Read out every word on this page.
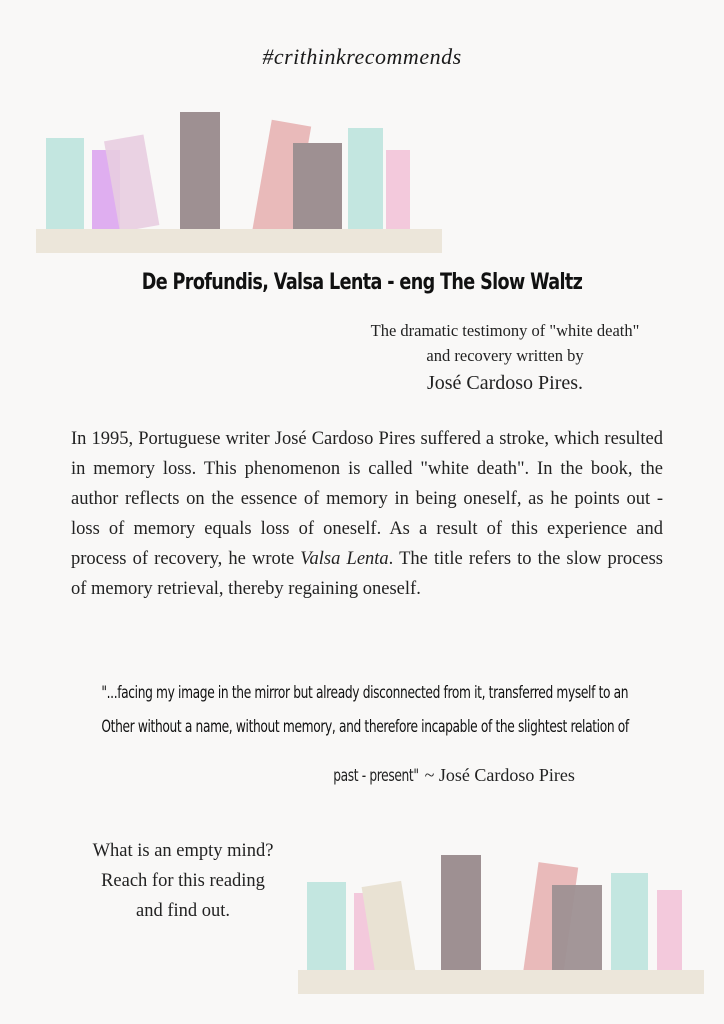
#crithinkrecommends
De Profundis, Valsa Lenta - eng The Slow Waltz
The dramatic testimony of "white death"
and recovery written by
José Cardoso Pires.
In 1995, Portuguese writer José Cardoso Pires suffered a stroke, which resulted in memory loss. This phenomenon is called "white death". In the book, the author reflects on the essence of memory in being oneself, as he points out - loss of memory equals loss of oneself. As a result of this experience and process of recovery, he wrote Valsa Lenta. The title refers to the slow process of memory retrieval, thereby regaining oneself.
"...facing my image in the mirror but already disconnected from it, transferred myself to an
Other without a name, without memory, and therefore incapable of the slightest relation of
past - present" ~ José Cardoso Pires
What is an empty mind?
Reach for this reading
and find out.
